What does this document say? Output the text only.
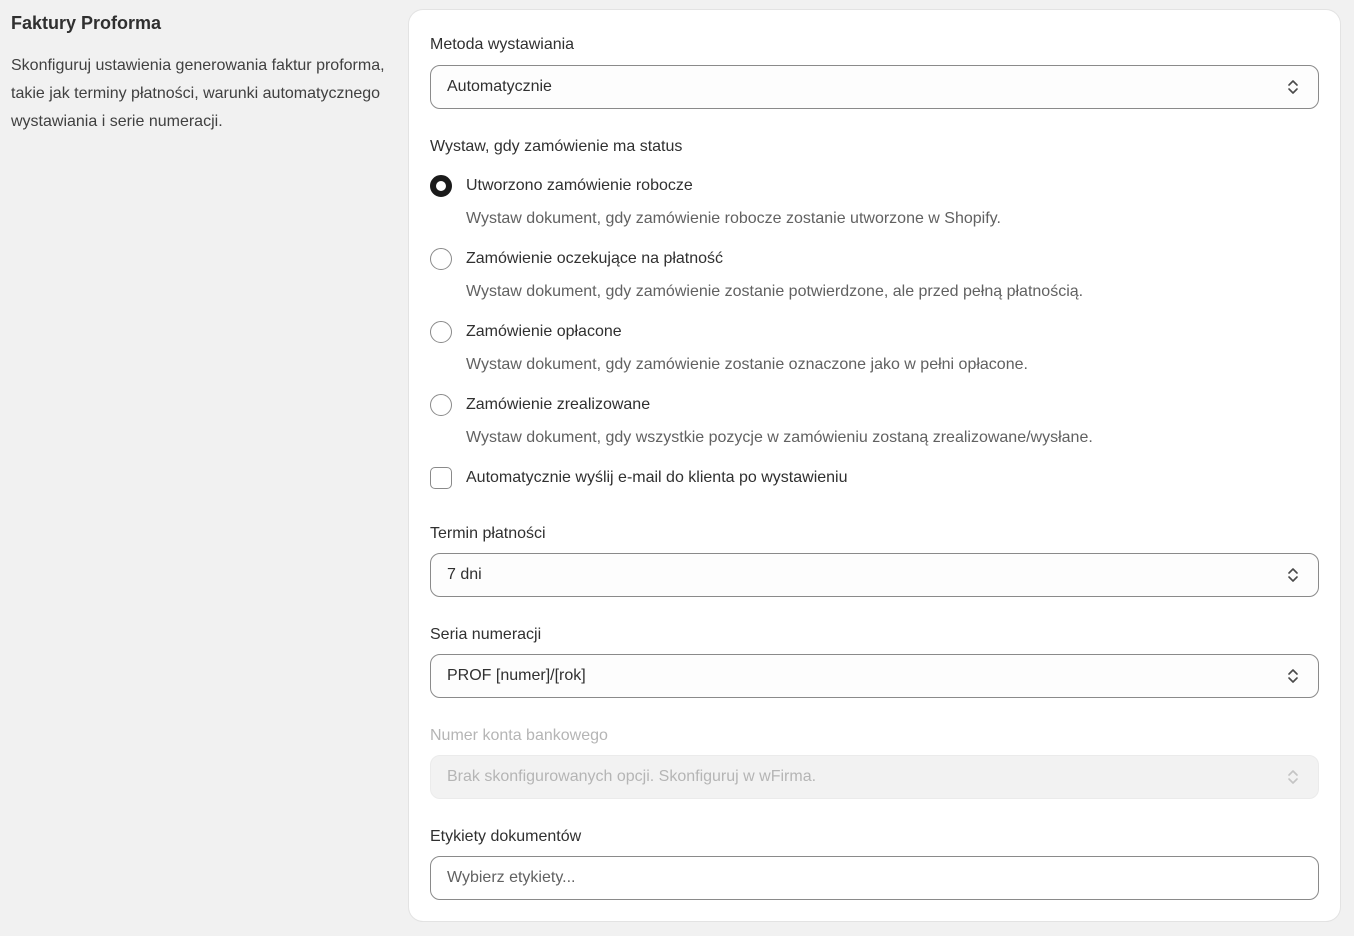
Faktury Proforma

Skonfiguruj ustawienia generowania faktur proforma, takie jak terminy płatności, warunki automatycznego wystawiania i serie numeracji.

Metoda wystawiania
Automatycznie
Wystaw, gdy zamówienie ma status
Utworzono zamówienie robocze
Wystaw dokument, gdy zamówienie robocze zostanie utworzone w Shopify.
Zamówienie oczekujące na płatność
Wystaw dokument, gdy zamówienie zostanie potwierdzone, ale przed pełną płatnością.
Zamówienie opłacone
Wystaw dokument, gdy zamówienie zostanie oznaczone jako w pełni opłacone.
Zamówienie zrealizowane
Wystaw dokument, gdy wszystkie pozycje w zamówieniu zostaną zrealizowane/wysłane.
Automatycznie wyślij e-mail do klienta po wystawieniu
Termin płatności
7 dni
Seria numeracji
PROF [numer]/[rok]
Numer konta bankowego
Brak skonfigurowanych opcji. Skonfiguruj w wFirma.
Etykiety dokumentów
Wybierz etykiety...
